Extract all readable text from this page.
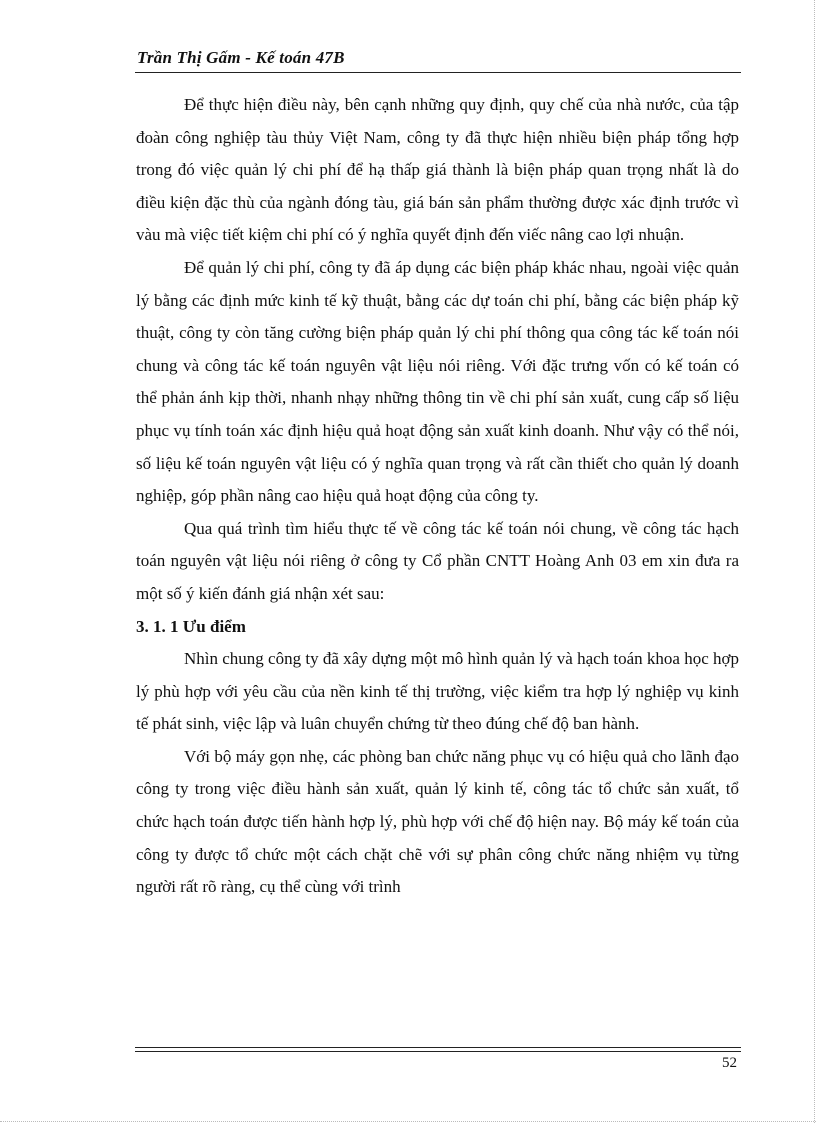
Trần Thị Gấm - Kế toán 47B

Để thực hiện điều này, bên cạnh những quy định, quy chế của nhà nước, của tập đoàn công nghiệp tàu thủy Việt Nam, công ty đã thực hiện nhiều biện pháp tổng hợp trong đó việc quản lý chi phí để hạ thấp giá thành là biện pháp quan trọng nhất là do điều kiện đặc thù của ngành đóng tàu, giá bán sản phẩm thường được xác định trước vì vàu mà việc tiết kiệm chi phí có ý nghĩa quyết định đến viếc nâng cao lợi nhuận.

Để quản lý chi phí, công ty đã áp dụng các biện pháp khác nhau, ngoài việc quản lý bằng các định mức kinh tế kỹ thuật, bằng các dự toán chi phí, bằng các biện pháp kỹ thuật, công ty còn tăng cường biện pháp quản lý chi phí thông qua công tác kế toán nói chung và công tác kế toán nguyên vật liệu nói riêng. Với đặc trưng vốn có kế toán có thể phản ánh kịp thời, nhanh nhạy những thông tin về chi phí sản xuất, cung cấp số liệu phục vụ tính toán xác định hiệu quả hoạt động sản xuất kinh doanh. Như vậy có thể nói, số liệu kế toán nguyên vật liệu có ý nghĩa quan trọng và rất cần thiết cho quản lý doanh nghiệp, góp phần nâng cao hiệu quả hoạt động của công ty.

Qua quá trình tìm hiểu thực tế về công tác kế toán nói chung, về công tác hạch toán nguyên vật liệu nói riêng ở công ty Cổ phần CNTT Hoàng Anh 03 em xin đưa ra một số ý kiến đánh giá nhận xét sau:

3. 1. 1 Ưu điểm

Nhìn chung công ty đã xây dựng một mô hình quản lý và hạch toán khoa học hợp lý phù hợp với yêu cầu của nền kinh tế thị trường, việc kiểm tra hợp lý nghiệp vụ kinh tế phát sinh, việc lập và luân chuyển chứng từ theo đúng chế độ ban hành.

Với bộ máy gọn nhẹ, các phòng ban chức năng phục vụ có hiệu quả cho lãnh đạo công ty trong việc điều hành sản xuất, quản lý kinh tế, công tác tổ chức sản xuất, tổ chức hạch toán được tiến hành hợp lý, phù hợp với chế độ hiện nay. Bộ máy kế toán của công ty được tổ chức một cách chặt chẽ với sự phân công chức năng nhiệm vụ từng người rất rõ ràng, cụ thể cùng với trình

52
